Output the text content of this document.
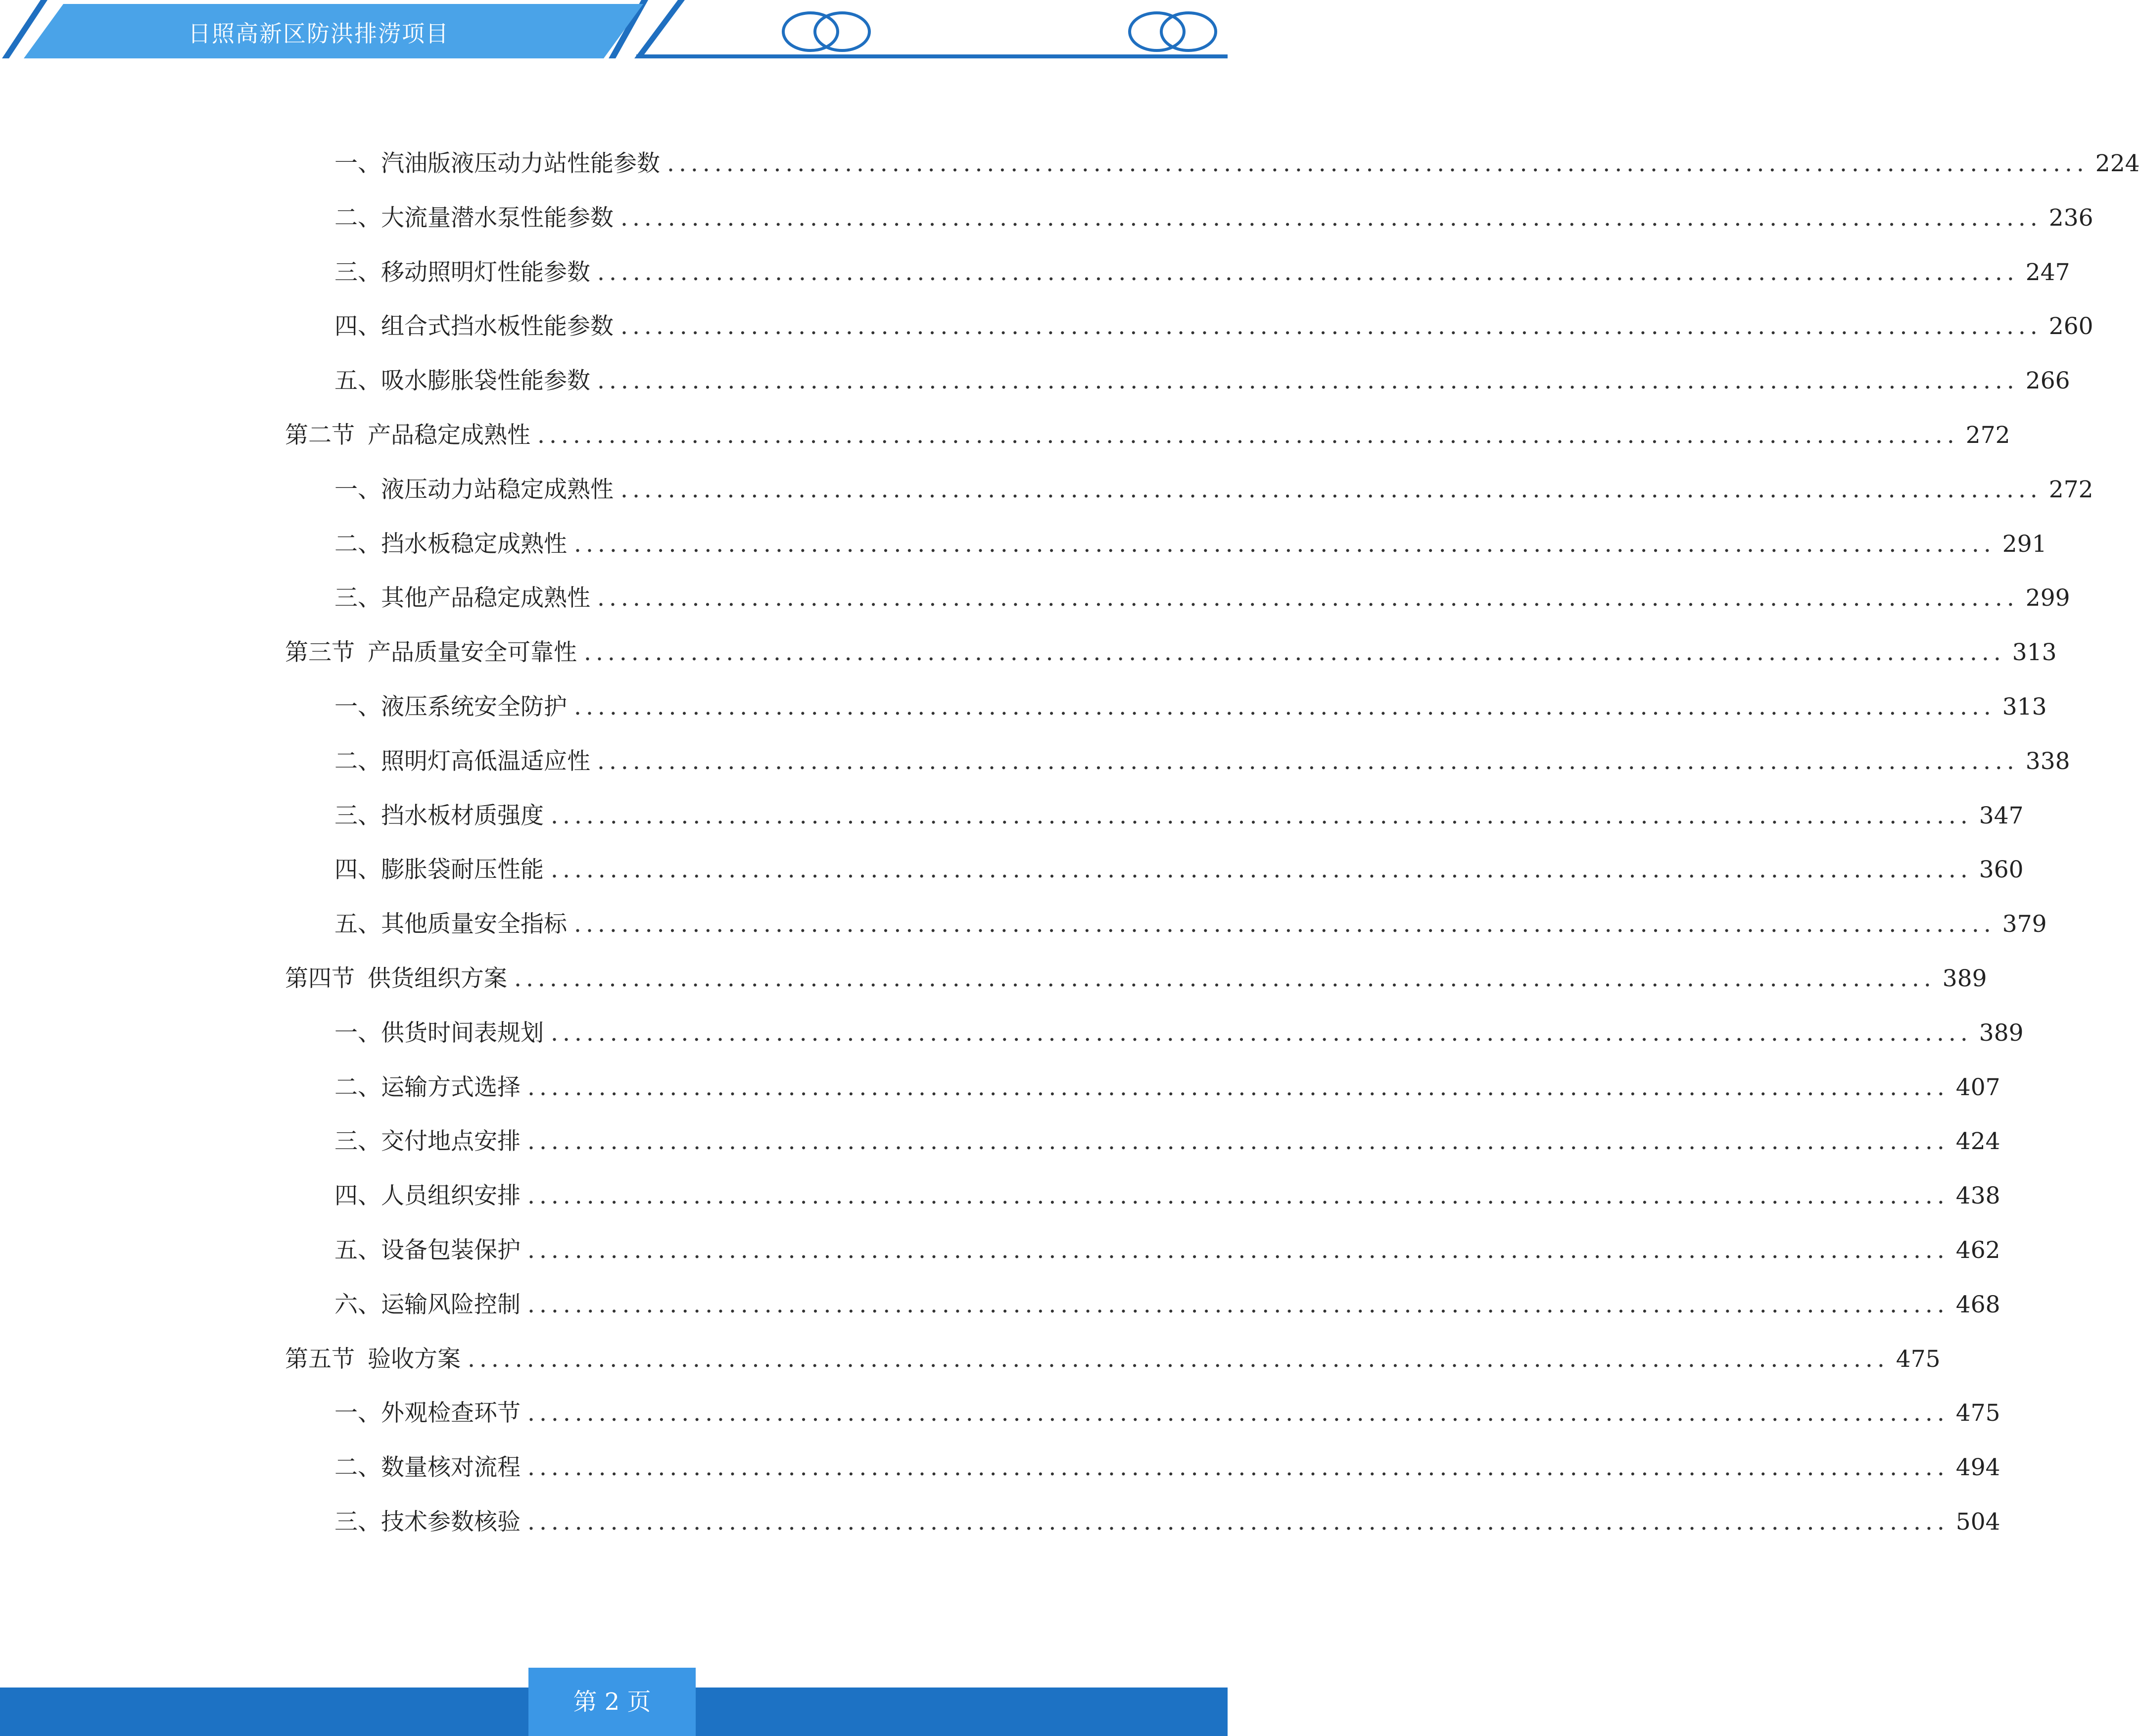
日照高新区防洪排涝项目
一、 汽油版液压动力站性能参数 ........................................................................................................................ 224
二、 大流量潜水泵性能参数 ........................................................................................................................ 236
三、 移动照明灯性能参数 ........................................................................................................................ 247
四、 组合式挡水板性能参数 ........................................................................................................................ 260
五、 吸水膨胀袋性能参数 ........................................................................................................................ 266
第二节 产品稳定成熟性 ........................................................................................................................ 272
一、 液压动力站稳定成熟性 ........................................................................................................................ 272
二、 挡水板稳定成熟性 ........................................................................................................................ 291
三、 其他产品稳定成熟性 ........................................................................................................................ 299
第三节 产品质量安全可靠性 ........................................................................................................................ 313
一、 液压系统安全防护 ........................................................................................................................ 313
二、 照明灯高低温适应性 ........................................................................................................................ 338
三、 挡水板材质强度 ........................................................................................................................ 347
四、 膨胀袋耐压性能 ........................................................................................................................ 360
五、 其他质量安全指标 ........................................................................................................................ 379
第四节 供货组织方案 ........................................................................................................................ 389
一、 供货时间表规划 ........................................................................................................................ 389
二、 运输方式选择 ........................................................................................................................ 407
三、 交付地点安排 ........................................................................................................................ 424
四、 人员组织安排 ........................................................................................................................ 438
五、 设备包装保护 ........................................................................................................................ 462
六、 运输风险控制 ........................................................................................................................ 468
第五节 验收方案 ........................................................................................................................ 475
一、 外观检查环节 ........................................................................................................................ 475
二、 数量核对流程 ........................................................................................................................ 494
三、 技术参数核验 ........................................................................................................................ 504
第 2 页
